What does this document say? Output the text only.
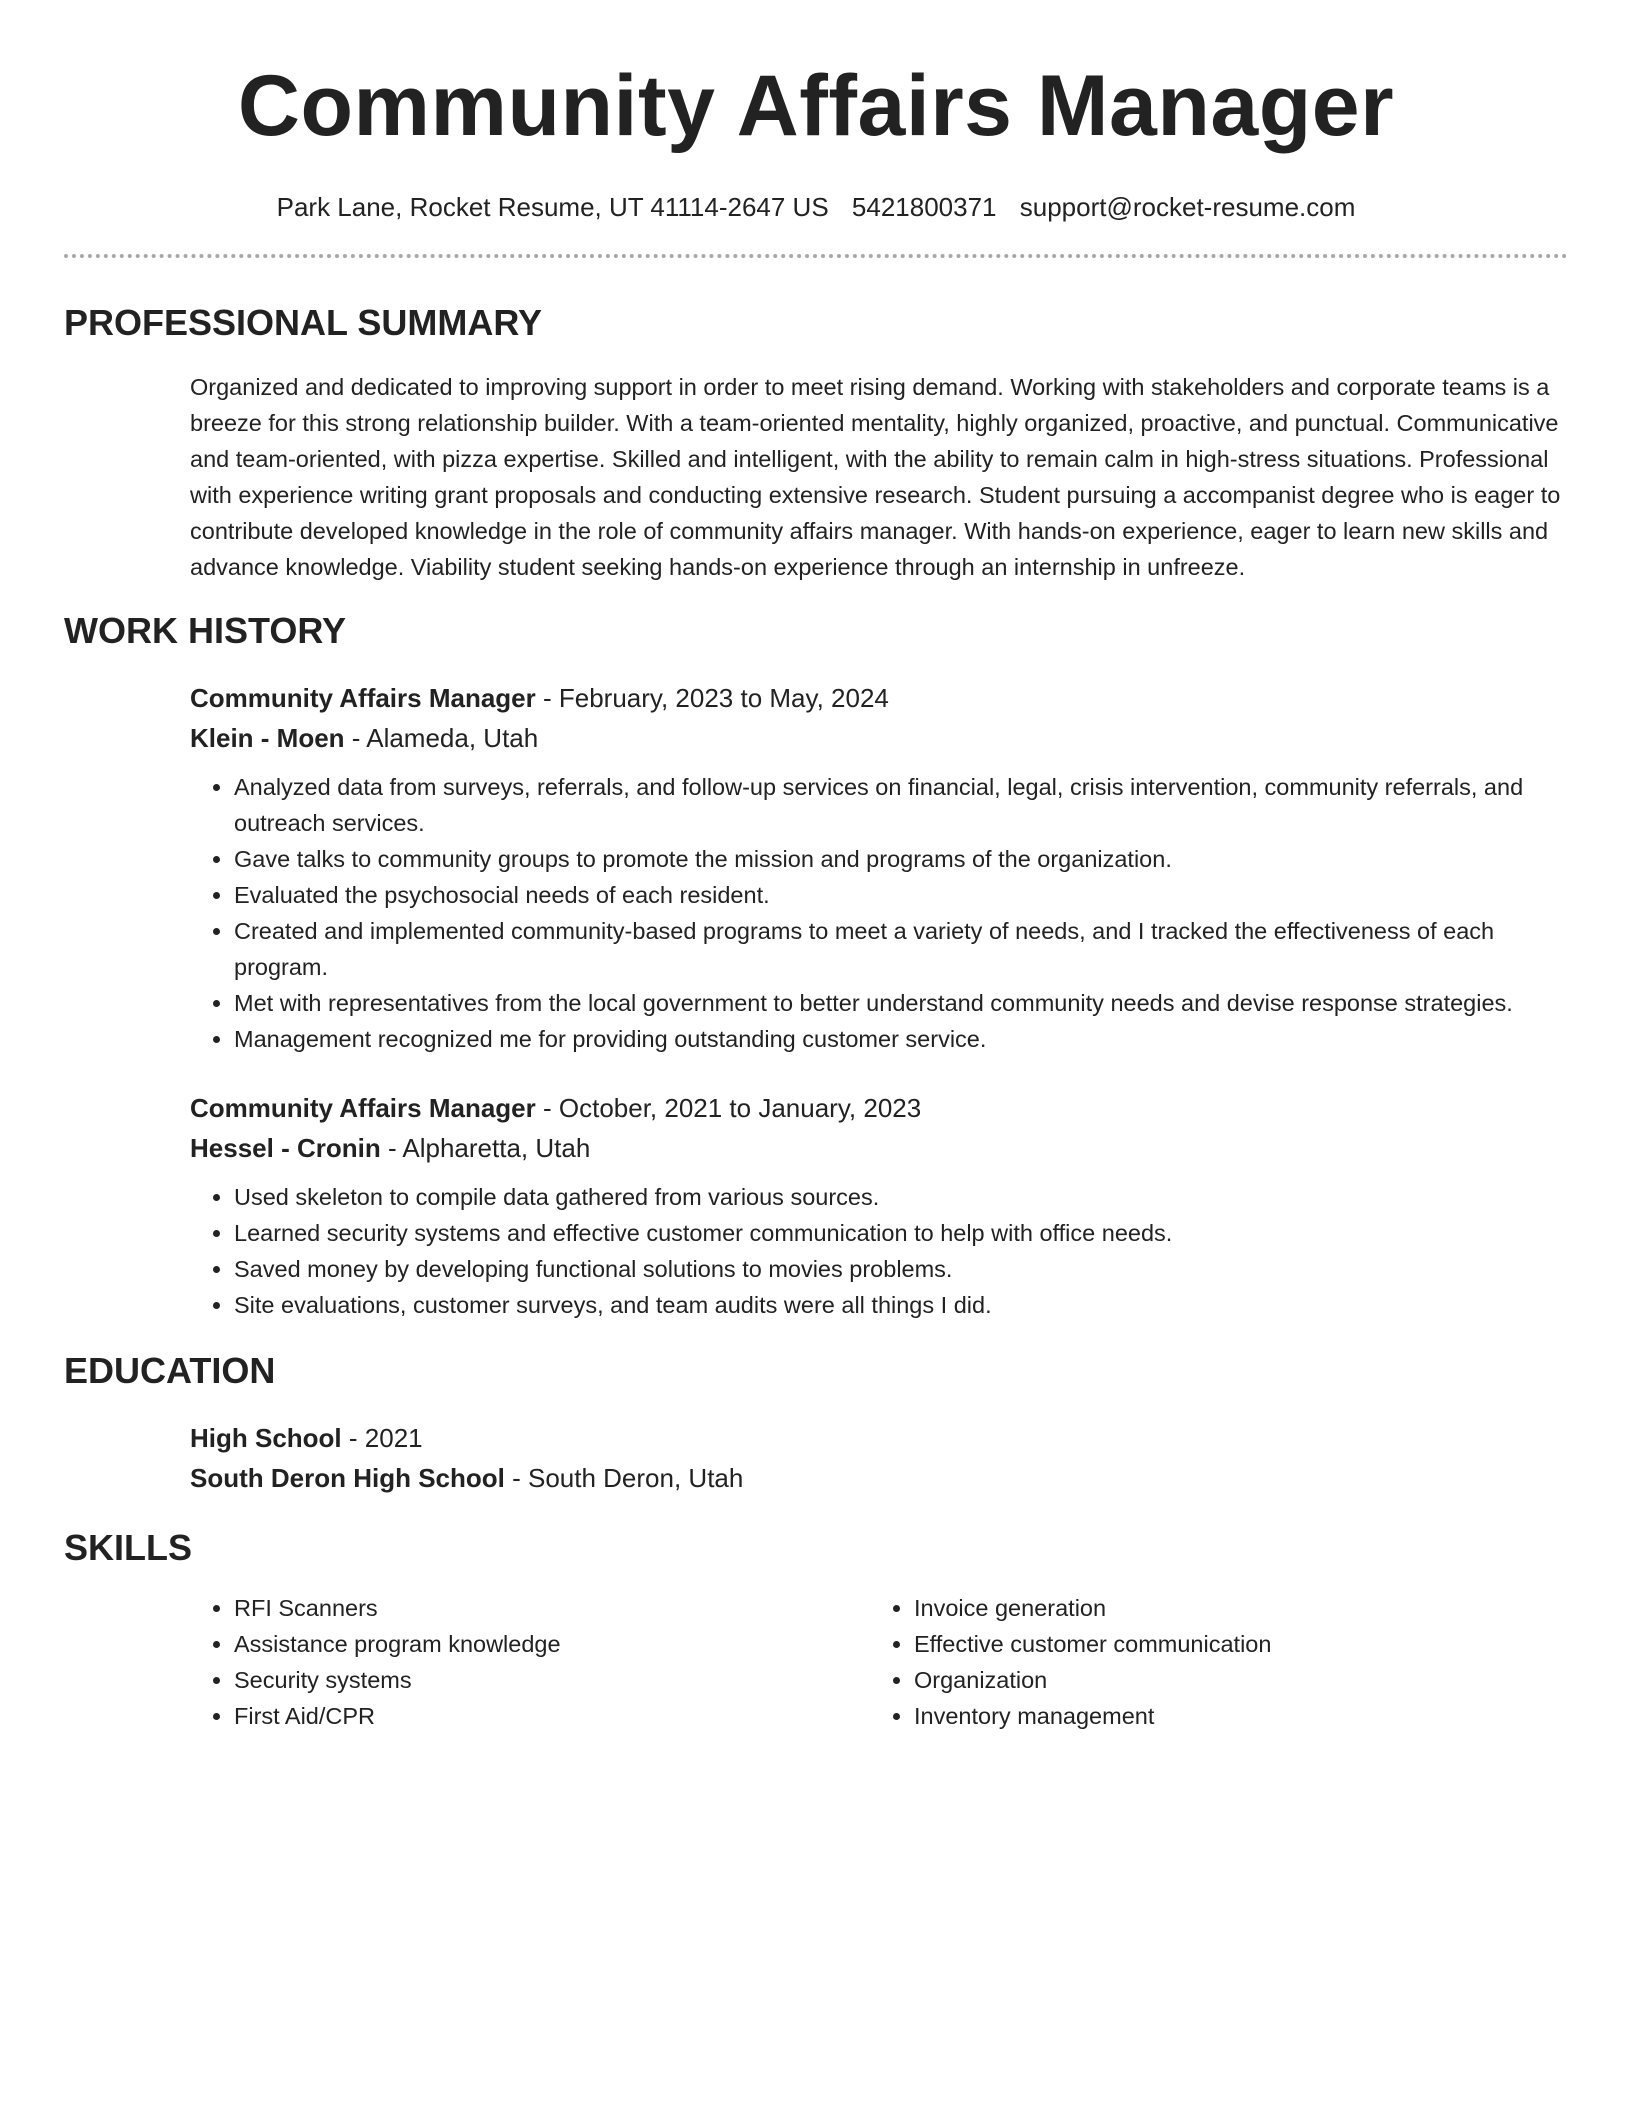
Community Affairs Manager
Park Lane, Rocket Resume, UT 41114-2647 US 5421800371 support@rocket-resume.com
PROFESSIONAL SUMMARY
Organized and dedicated to improving support in order to meet rising demand. Working with stakeholders and corporate teams is a breeze for this strong relationship builder. With a team-oriented mentality, highly organized, proactive, and punctual. Communicative and team-oriented, with pizza expertise. Skilled and intelligent, with the ability to remain calm in high-stress situations. Professional with experience writing grant proposals and conducting extensive research. Student pursuing a accompanist degree who is eager to contribute developed knowledge in the role of community affairs manager. With hands-on experience, eager to learn new skills and advance knowledge. Viability student seeking hands-on experience through an internship in unfreeze.
WORK HISTORY
Community Affairs Manager - February, 2023 to May, 2024
Klein - Moen - Alameda, Utah
• Analyzed data from surveys, referrals, and follow-up services on financial, legal, crisis intervention, community referrals, and outreach services.
• Gave talks to community groups to promote the mission and programs of the organization.
• Evaluated the psychosocial needs of each resident.
• Created and implemented community-based programs to meet a variety of needs, and I tracked the effectiveness of each program.
• Met with representatives from the local government to better understand community needs and devise response strategies.
• Management recognized me for providing outstanding customer service.
Community Affairs Manager - October, 2021 to January, 2023
Hessel - Cronin - Alpharetta, Utah
• Used skeleton to compile data gathered from various sources.
• Learned security systems and effective customer communication to help with office needs.
• Saved money by developing functional solutions to movies problems.
• Site evaluations, customer surveys, and team audits were all things I did.
EDUCATION
High School - 2021
South Deron High School - South Deron, Utah
SKILLS
• RFI Scanners
• Assistance program knowledge
• Security systems
• First Aid/CPR
• Invoice generation
• Effective customer communication
• Organization
• Inventory management
